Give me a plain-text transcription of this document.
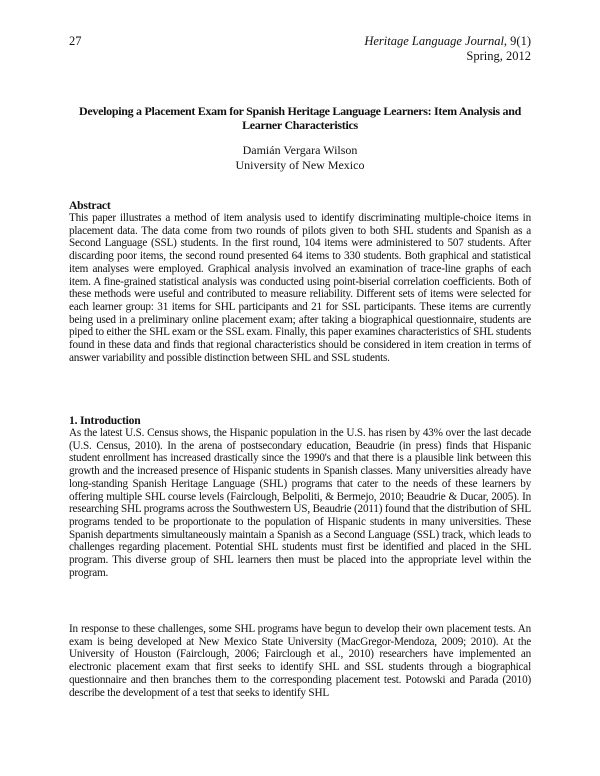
27	Heritage Language Journal, 9(1)
Spring, 2012
Developing a Placement Exam for Spanish Heritage Language Learners: Item Analysis and Learner Characteristics
Damián Vergara Wilson
University of New Mexico
Abstract

This paper illustrates a method of item analysis used to identify discriminating multiple-choice items in placement data. The data come from two rounds of pilots given to both SHL students and Spanish as a Second Language (SSL) students. In the first round, 104 items were administered to 507 students. After discarding poor items, the second round presented 64 items to 330 students. Both graphical and statistical item analyses were employed. Graphical analysis involved an examination of trace-line graphs of each item. A fine-grained statistical analysis was conducted using point-biserial correlation coefficients. Both of these methods were useful and contributed to measure reliability. Different sets of items were selected for each learner group: 31 items for SHL participants and 21 for SSL participants. These items are currently being used in a preliminary online placement exam; after taking a biographical questionnaire, students are piped to either the SHL exam or the SSL exam. Finally, this paper examines characteristics of SHL students found in these data and finds that regional characteristics should be considered in item creation in terms of answer variability and possible distinction between SHL and SSL students.

1. Introduction

As the latest U.S. Census shows, the Hispanic population in the U.S. has risen by 43% over the last decade (U.S. Census, 2010). In the arena of postsecondary education, Beaudrie (in press) finds that Hispanic student enrollment has increased drastically since the 1990's and that there is a plausible link between this growth and the increased presence of Hispanic students in Spanish classes. Many universities already have long-standing Spanish Heritage Language (SHL) programs that cater to the needs of these learners by offering multiple SHL course levels (Fairclough, Belpoliti, & Bermejo, 2010; Beaudrie & Ducar, 2005). In researching SHL programs across the Southwestern US, Beaudrie (2011) found that the distribution of SHL programs tended to be proportionate to the population of Hispanic students in many universities. These Spanish departments simultaneously maintain a Spanish as a Second Language (SSL) track, which leads to challenges regarding placement. Potential SHL students must first be identified and placed in the SHL program. This diverse group of SHL learners then must be placed into the appropriate level within the program.

In response to these challenges, some SHL programs have begun to develop their own placement tests. An exam is being developed at New Mexico State University (MacGregor-Mendoza, 2009; 2010). At the University of Houston (Fairclough, 2006; Fairclough et al., 2010) researchers have implemented an electronic placement exam that first seeks to identify SHL and SSL students through a biographical questionnaire and then branches them to the corresponding placement test. Potowski and Parada (2010) describe the development of a test that seeks to identify SHL
